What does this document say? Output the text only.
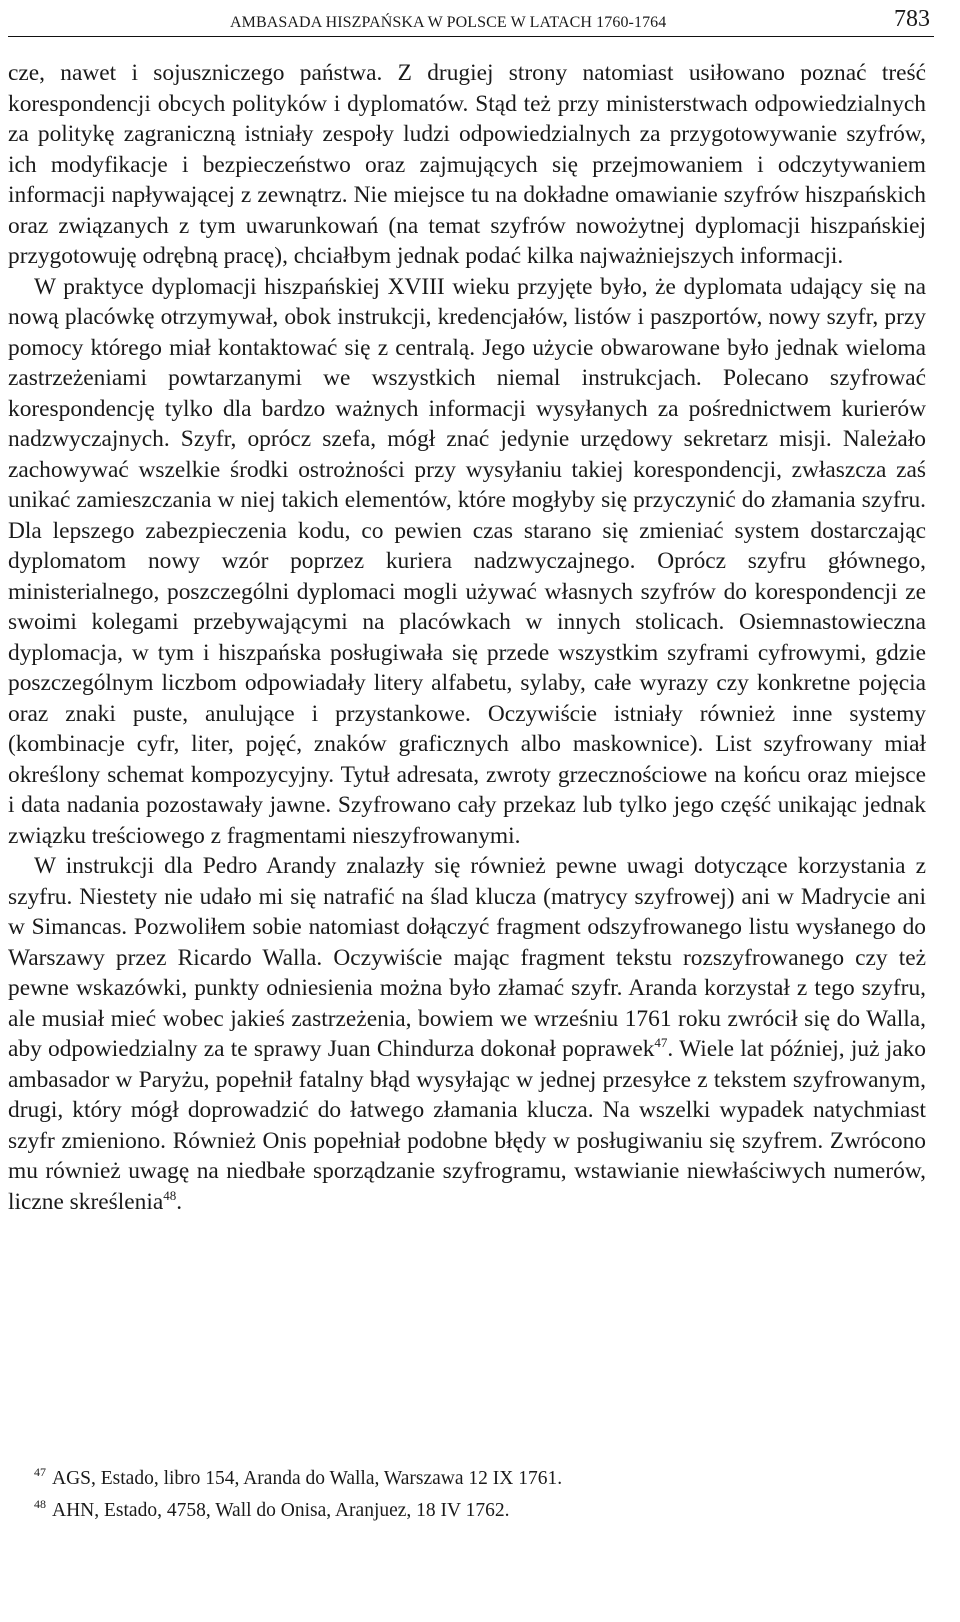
AMBASADA HISZPAŃSKA W POLSCE W LATACH 1760-1764	783

cze, nawet i sojuszniczego państwa. Z drugiej strony natomiast usiłowano poznać treść korespondencji obcych polityków i dyplomatów. Stąd też przy ministerstwach odpowiedzialnych za politykę zagraniczną istniały zespoły ludzi odpowiedzialnych za przygotowywanie szyfrów, ich modyfikacje i bezpieczeństwo oraz zajmujących się przejmowaniem i odczytywaniem informacji napływającej z zewnątrz. Nie miejsce tu na dokładne omawianie szyfrów hiszpańskich oraz związanych z tym uwarunkowań (na temat szyfrów nowożytnej dyplomacji hiszpańskiej przygotowuję odrębną pracę), chciałbym jednak podać kilka najważniejszych informacji.

W praktyce dyplomacji hiszpańskiej XVIII wieku przyjęte było, że dyplomata udający się na nową placówkę otrzymywał, obok instrukcji, kredencjałów, listów i paszportów, nowy szyfr, przy pomocy którego miał kontaktować się z centralą. Jego użycie obwarowane było jednak wieloma zastrzeżeniami powtarzanymi we wszystkich niemal instrukcjach. Polecano szyfrować korespondencję tylko dla bardzo ważnych informacji wysyłanych za pośrednictwem kurierów nadzwyczajnych. Szyfr, oprócz szefa, mógł znać jedynie urzędowy sekretarz misji. Należało zachowywać wszelkie środki ostrożności przy wysyłaniu takiej korespondencji, zwłaszcza zaś unikać zamieszczania w niej takich elementów, które mogłyby się przyczynić do złamania szyfru. Dla lepszego zabezpieczenia kodu, co pewien czas starano się zmieniać system dostarczając dyplomatom nowy wzór poprzez kuriera nadzwyczajnego. Oprócz szyfru głównego, ministerialnego, poszczególni dyplomaci mogli używać własnych szyfrów do korespondencji ze swoimi kolegami przebywającymi na placówkach w innych stolicach. Osiemnastowieczna dyplomacja, w tym i hiszpańska posługiwała się przede wszystkim szyframi cyfrowymi, gdzie poszczególnym liczbom odpowiadały litery alfabetu, sylaby, całe wyrazy czy konkretne pojęcia oraz znaki puste, anulujące i przystankowe. Oczywiście istniały również inne systemy (kombinacje cyfr, liter, pojęć, znaków graficznych albo maskownice). List szyfrowany miał określony schemat kompozycyjny. Tytuł adresata, zwroty grzecznościowe na końcu oraz miejsce i data nadania pozostawały jawne. Szyfrowano cały przekaz lub tylko jego część unikając jednak związku treściowego z fragmentami nieszyfrowanymi.

W instrukcji dla Pedro Arandy znalazły się również pewne uwagi dotyczące korzystania z szyfru. Niestety nie udało mi się natrafić na ślad klucza (matrycy szyfrowej) ani w Madrycie ani w Simancas. Pozwoliłem sobie natomiast dołączyć fragment odszyfrowanego listu wysłanego do Warszawy przez Ricardo Walla. Oczywiście mając fragment tekstu rozszyfrowanego czy też pewne wskazówki, punkty odniesienia można było złamać szyfr. Aranda korzystał z tego szyfru, ale musiał mieć wobec jakieś zastrzeżenia, bowiem we wrześniu 1761 roku zwrócił się do Walla, aby odpowiedzialny za te sprawy Juan Chindurza dokonał poprawek$^{47}$. Wiele lat później, już jako ambasador w Paryżu, popełnił fatalny błąd wysyłając w jednej przesyłce z tekstem szyfrowanym, drugi, który mógł doprowadzić do łatwego złamania klucza. Na wszelki wypadek natychmiast szyfr zmieniono. Również Onis popełniał podobne błędy w posługiwaniu się szyfrem. Zwrócono mu również uwagę na niedbałe sporządzanie szyfrogramu, wstawianie niewłaściwych numerów, liczne skreślenia$^{48}$.

$^{47}$ AGS, Estado, libro 154, Aranda do Walla, Warszawa 12 IX 1761.

$^{48}$ AHN, Estado, 4758, Wall do Onisa, Aranjuez, 18 IV 1762.
